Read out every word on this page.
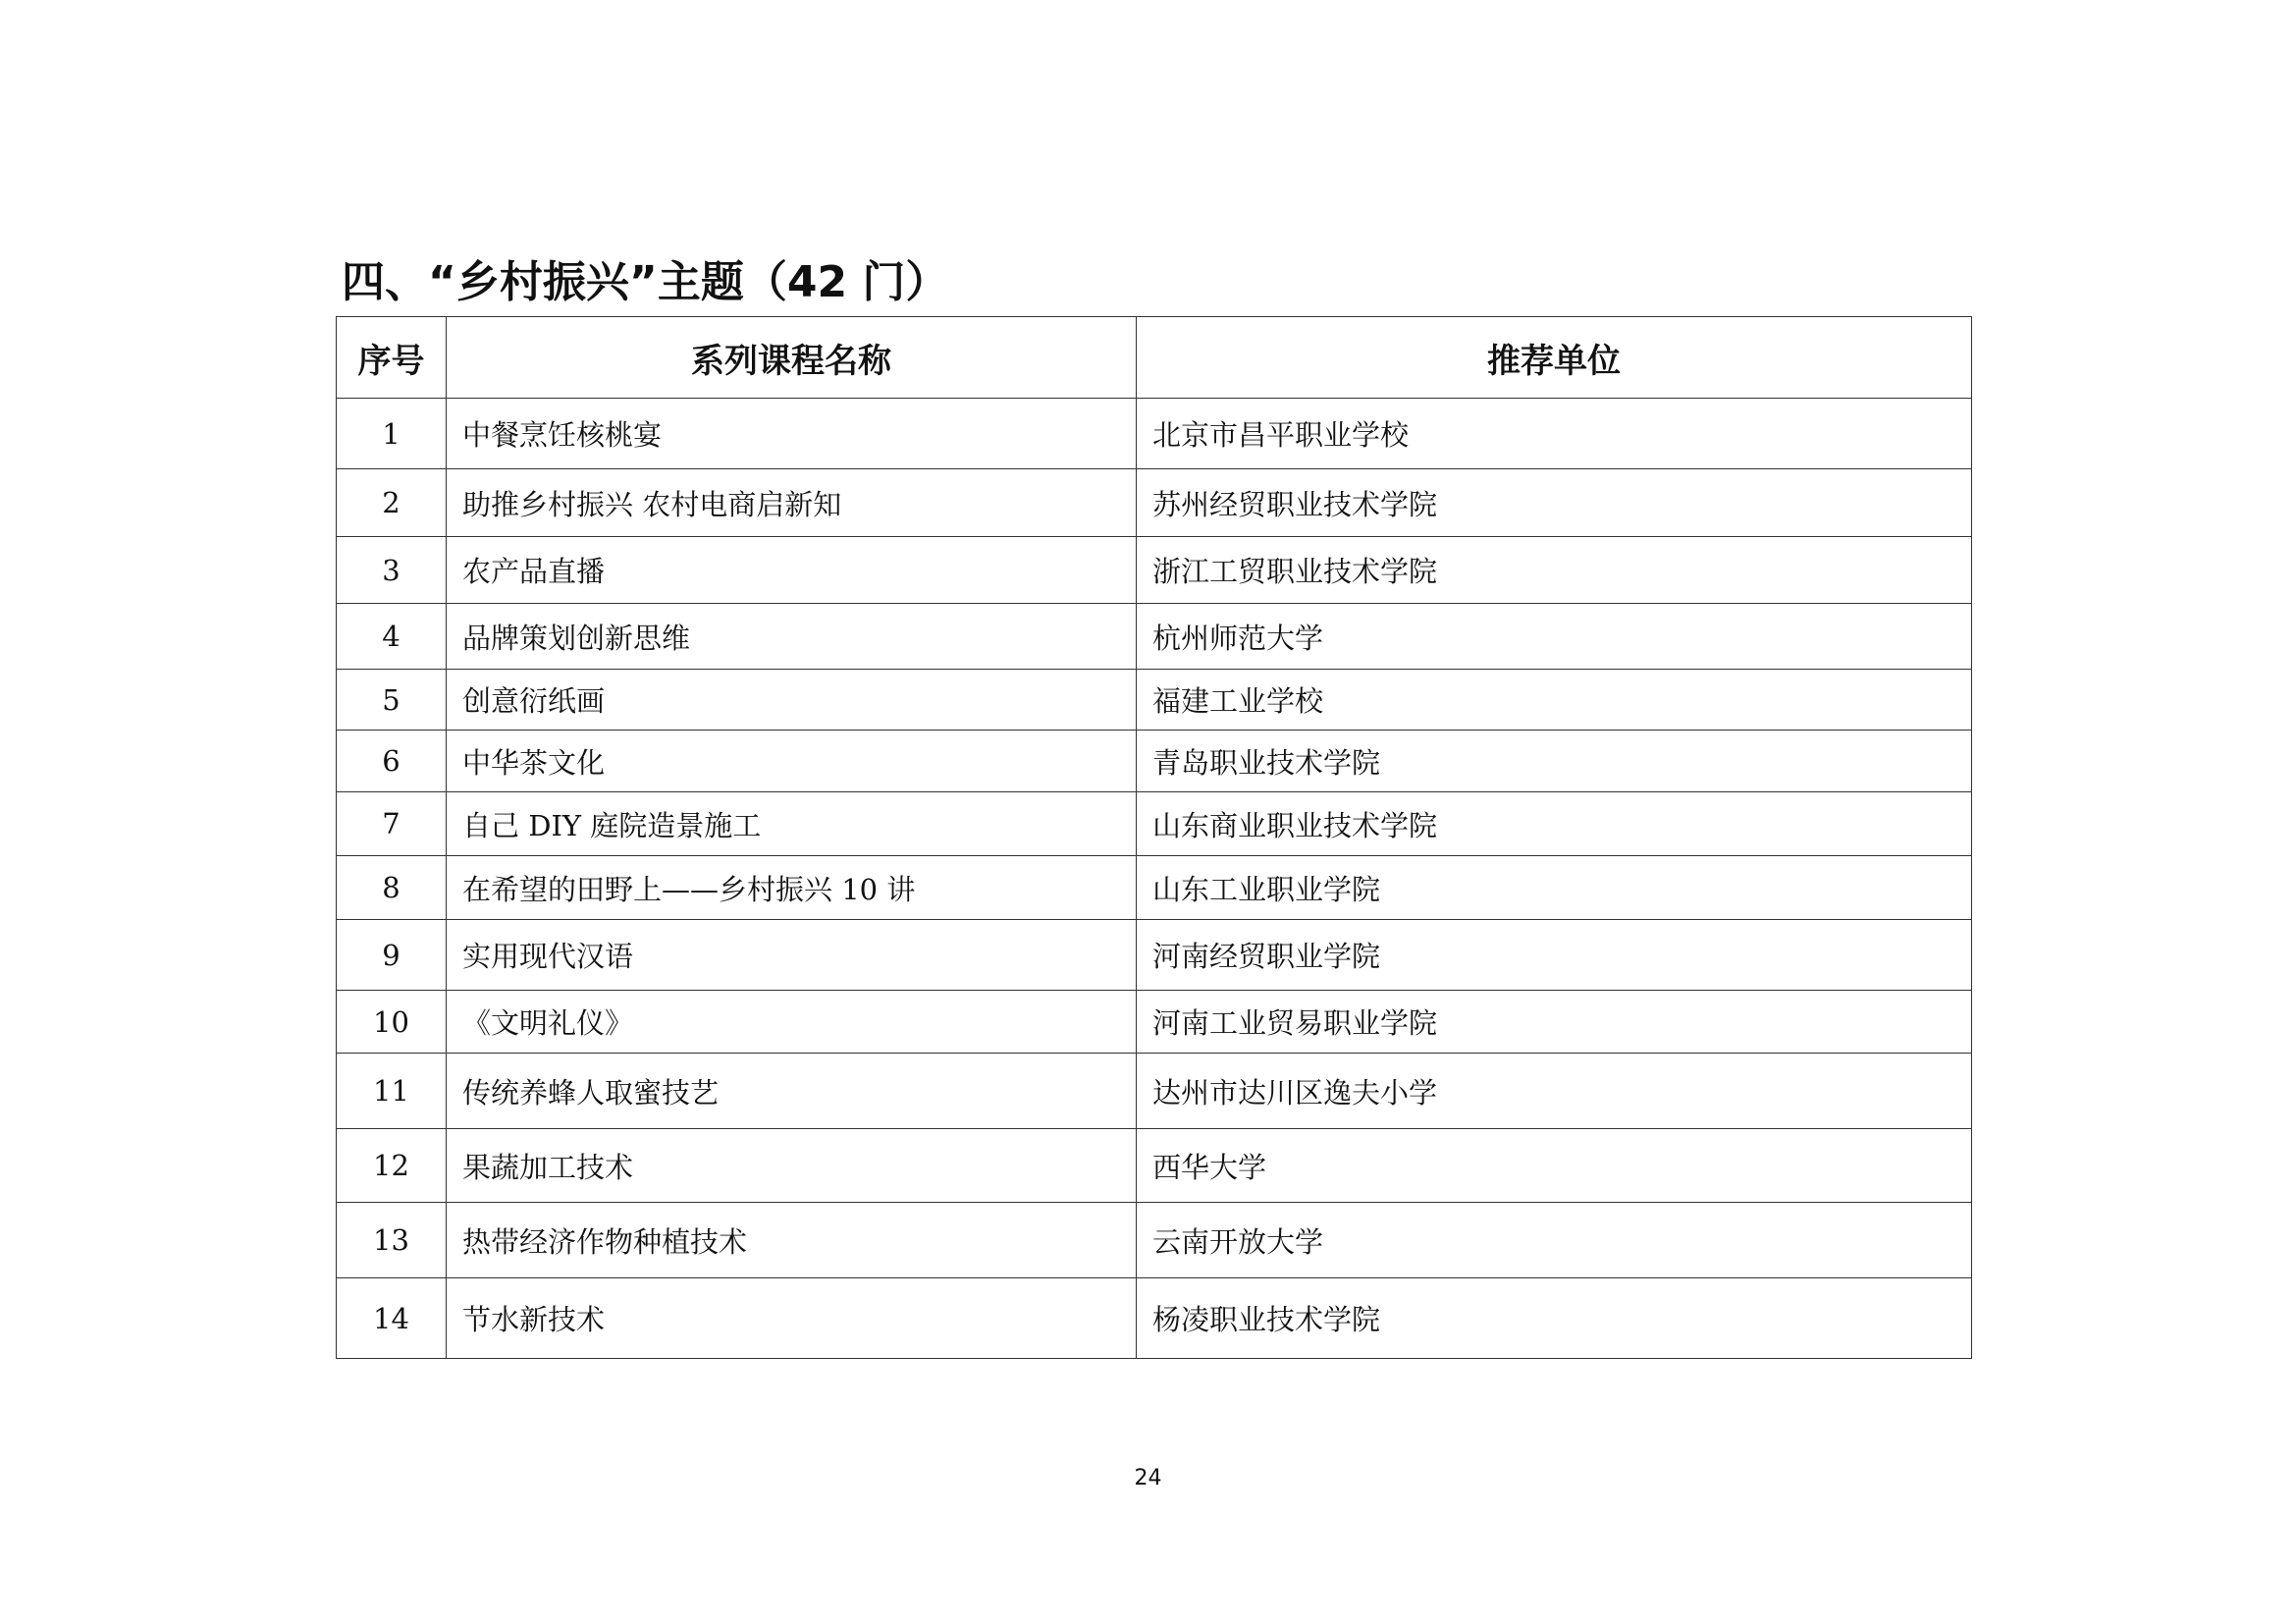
四、“乡村振兴”主题（42 门）
序号	系列课程名称	推荐单位
1	中餐烹饪核桃宴	北京市昌平职业学校
2	助推乡村振兴 农村电商启新知	苏州经贸职业技术学院
3	农产品直播	浙江工贸职业技术学院
4	品牌策划创新思维	杭州师范大学
5	创意衍纸画	福建工业学校
6	中华茶文化	青岛职业技术学院
7	自己 DIY 庭院造景施工	山东商业职业技术学院
8	在希望的田野上——乡村振兴 10 讲	山东工业职业学院
9	实用现代汉语	河南经贸职业学院
10	《文明礼仪》	河南工业贸易职业学院
11	传统养蜂人取蜜技艺	达州市达川区逸夫小学
12	果蔬加工技术	西华大学
13	热带经济作物种植技术	云南开放大学
14	节水新技术	杨凌职业技术学院
24
